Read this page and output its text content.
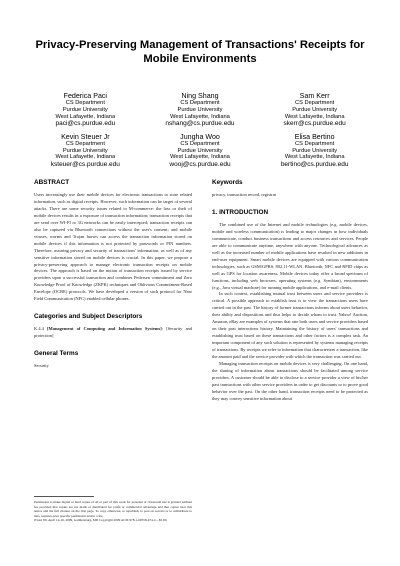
Privacy-Preserving Management of Transactions' Receipts for Mobile Environments
Federica Paci
CS Department
Purdue University
West Lafayette, Indiana
paci@cs.purdue.edu
Ning Shang
CS Department
Purdue University
West Lafayette, Indiana
nshang@cs.purdue.edu
Sam Kerr
CS Department
Purdue University
West Lafayette, Indiana
skerr@cs.purdue.edu
Kevin Steuer Jr
CS Department
Purdue University
West Lafayette, Indiana
ksteuer@cs.purdue.edu
Jungha Woo
CS Department
Purdue University
West Lafayette, Indiana
wooj@cs.purdue.edu
Elisa Bertino
CS Department
Purdue University
West Lafayette, Indiana
bertino@cs.purdue.edu
ABSTRACT

Users increasingly use their mobile devices for electronic transactions to store related information, such as digital receipts. However, such information can be target of several attacks. There are some security issues related to M-commerce: the loss or theft of mobile devices results in a exposure of transaction information; transaction receipts that are send over WI-FI or 3G networks can be easily intercepted; transaction receipts can also be captured via Bluetooth connections without the user's consent; and mobile viruses, worms and Trojan horses can access the transaction information stored on mobile devices if this information is not protected by passwords or PIN numbers. Therefore, assuring privacy and security of transactions' information, as well as of any sensitive information stored on mobile devices is crucial. In this paper, we propose a privacy-preserving approach to manage electronic transaction receipts on mobile devices. The approach is based on the notion of transaction receipts issued by service providers upon a successful transaction and combines Pedersen commitment and Zero Knowledge Proof of Knowledge (ZKPK) techniques and Oblivious Commitment-Based Envelope (OCBE) protocols. We have developed a version of such protocol for Near Field Communication (NFC) enabled cellular phones.

Categories and Subject Descriptors

K.4.4 [Management of Computing and Information Systems]: [Security and protection]

General Terms

Security

Permission to make digital or hard copies of all or part of this work for personal or classroom use is granted without fee provided that copies are not made or distributed for profit or commercial advantage and that copies bear this notice and the full citation on the first page. To copy otherwise, to republish, to post on servers or to redistribute to lists, requires prior specific permission and/or a fee.
iTrust '09, April 14-16, 2009, Gaithersburg, MD Copyright 2009 ACM 978-1-60558-474-4 ...$5.00.
Keywords

privacy, transaction record, registrar

1. INTRODUCTION

The combined use of the Internet and mobile technologies (e.g. mobile devices, mobile and wireless communication) is leading to major changes in how individuals communicate, conduct business transactions and access resources and services. People are able to communicate anytime, anywhere with anyone. Technological advances as well as the increased number of mobile applications have resulted in new additions in end-user equipment. Smart mobile devices are equipped with various communication technologies, such as GSM/GPRS, 802.11-WLAN, Bluetooth, NFC and RFID chips as well as GPS for location awareness. Mobile devices today offer a broad spectrum of functions, including web browsers, operating systems (e.g. Symbian), environments (e.g., Java virtual machine) for running mobile applications, and e-mail clients.

In such context, establishing mutual trust between users and service providers is critical. A possible approach to establish trust is to view the transactions users have carried out in the past. The history of former transactions informs about users behavior, their ability and dispositions and thus helps to decide whom to trust. Yahoo! Auction, Amazon, eBay are examples of systems that rate both users and service providers based on their past interactions history. Maintaining the history of users' transactions and establishing trust based on these transactions and other factors is a complex task. An important component of any such solution is represented by systems managing receipts of transactions. By receipts we refer to information that characterizes a transaction, like the amount paid and the service provider with which the transaction was carried out.

Managing transaction receipts on mobile devices is very challenging. On one hand, the sharing of information about transactions should be facilitated among service providers. A customer should be able to disclose to a service provider a view of his/her past transactions with other service providers in order to get discounts or to prove good behavior over the past. On the other hand, transaction receipts need to be protected as they may convey sensitive information about
